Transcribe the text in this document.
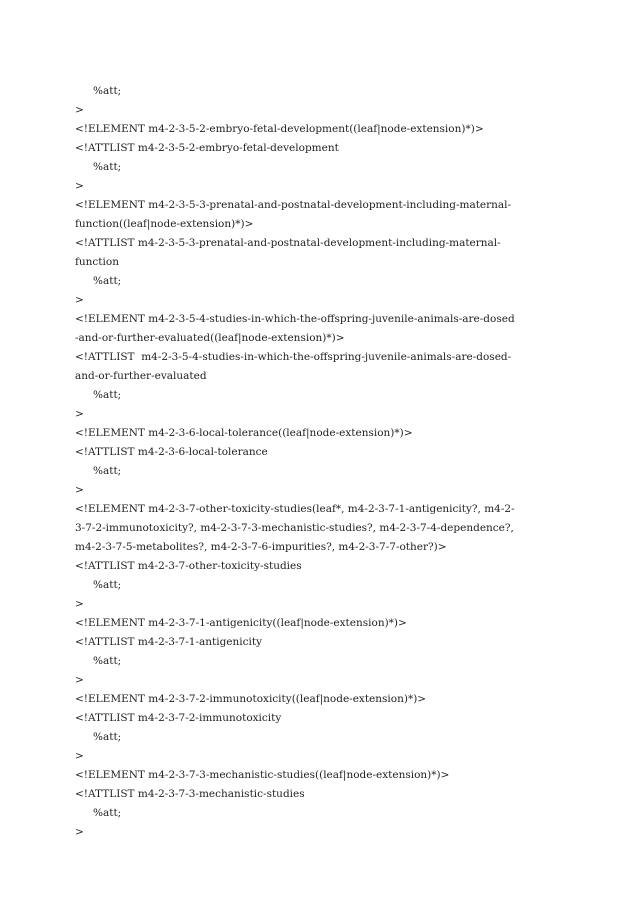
%att;
>
<!ELEMENT m4-2-3-5-2-embryo-fetal-development((leaf|node-extension)*)>
<!ATTLIST m4-2-3-5-2-embryo-fetal-development
%att;
>
<!ELEMENT m4-2-3-5-3-prenatal-and-postnatal-development-including-maternal-
function((leaf|node-extension)*)>
<!ATTLIST m4-2-3-5-3-prenatal-and-postnatal-development-including-maternal-
function
%att;
>
<!ELEMENT m4-2-3-5-4-studies-in-which-the-offspring-juvenile-animals-are-dosed
-and-or-further-evaluated((leaf|node-extension)*)>
<!ATTLIST  m4-2-3-5-4-studies-in-which-the-offspring-juvenile-animals-are-dosed-
and-or-further-evaluated
%att;
>
<!ELEMENT m4-2-3-6-local-tolerance((leaf|node-extension)*)>
<!ATTLIST m4-2-3-6-local-tolerance
%att;
>
<!ELEMENT m4-2-3-7-other-toxicity-studies(leaf*, m4-2-3-7-1-antigenicity?, m4-2-
3-7-2-immunotoxicity?, m4-2-3-7-3-mechanistic-studies?, m4-2-3-7-4-dependence?,
m4-2-3-7-5-metabolites?, m4-2-3-7-6-impurities?, m4-2-3-7-7-other?)>
<!ATTLIST m4-2-3-7-other-toxicity-studies
%att;
>
<!ELEMENT m4-2-3-7-1-antigenicity((leaf|node-extension)*)>
<!ATTLIST m4-2-3-7-1-antigenicity
%att;
>
<!ELEMENT m4-2-3-7-2-immunotoxicity((leaf|node-extension)*)>
<!ATTLIST m4-2-3-7-2-immunotoxicity
%att;
>
<!ELEMENT m4-2-3-7-3-mechanistic-studies((leaf|node-extension)*)>
<!ATTLIST m4-2-3-7-3-mechanistic-studies
%att;
>
